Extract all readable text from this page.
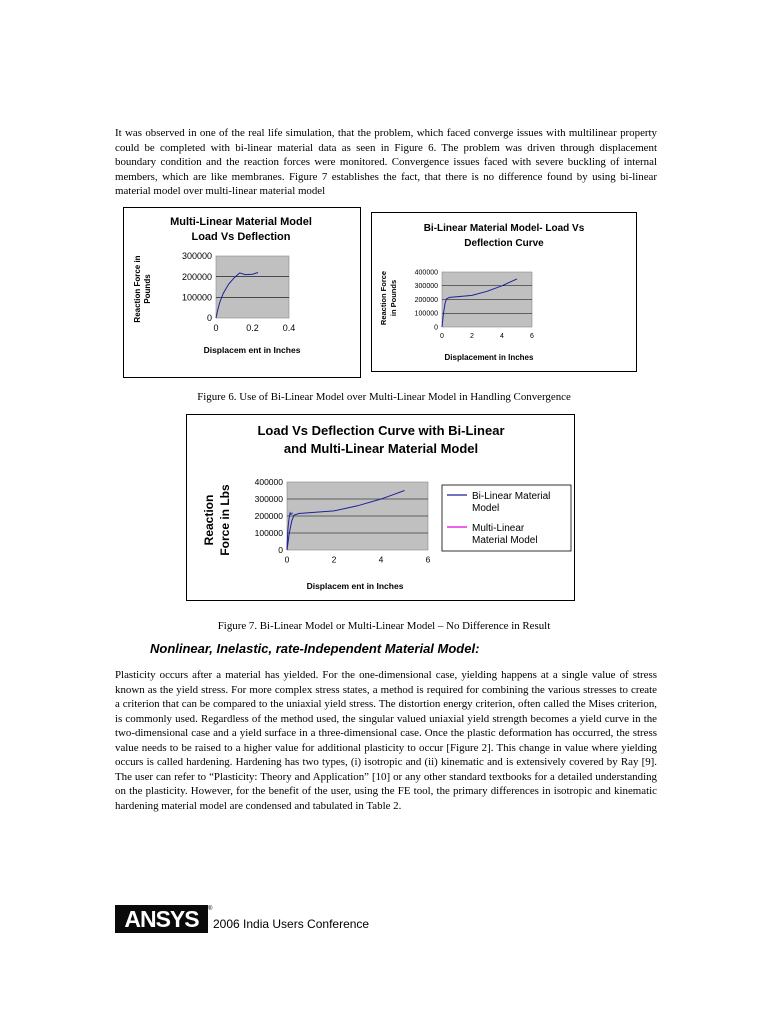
It was observed in one of the real life simulation, that the problem, which faced converge issues with multilinear property could be completed with bi-linear material data as seen in Figure 6. The problem was driven through displacement boundary condition and the reaction forces were monitored. Convergence issues faced with severe buckling of internal members, which are like membranes. Figure 7 establishes the fact, that there is no difference found by using bi-linear material model over multi-linear material model

Multi-Linear Material Model
Load Vs Deflection
Reaction Force in Pounds
0
100000
200000
300000
0	0.2	0.4
Displacem ent in Inches
Bi-Linear Material Model- Load Vs
Deflection Curve
Reaction Force in Pounds
0
100000
200000
300000
400000
0	2	4	6
Displacement in Inches

Figure 6. Use of Bi-Linear Model over Multi-Linear Model in Handling Convergence

Load Vs Deflection Curve with Bi-Linear
and Multi-Linear Material Model
Reaction Force in Lbs	0
100000
200000
300000
400000
0	2	4	6
Displacem ent in Inches
Bi-Linear Material
Model
Multi-Linear
Material Model

Figure 7. Bi-Linear Model or Multi-Linear Model – No Difference in Result

Nonlinear, Inelastic, rate-Independent Material Model:

Plasticity occurs after a material has yielded. For the one-dimensional case, yielding happens at a single value of stress known as the yield stress. For more complex stress states, a method is required for combining the various stresses to create a criterion that can be compared to the uniaxial yield stress. The distortion energy criterion, often called the Mises criterion, is commonly used. Regardless of the method used, the singular valued uniaxial yield strength becomes a yield curve in the two-dimensional case and a yield surface in a three-dimensional case. Once the plastic deformation has occurred, the stress value needs to be raised to a higher value for additional plasticity to occur [Figure 2]. This change in value where yielding occurs is called hardening. Hardening has two types, (i) isotropic and (ii) kinematic and is extensively covered by Ray [9]. The user can refer to “Plasticity: Theory and Application” [10] or any other standard textbooks for a detailed understanding on the plasticity. However, for the benefit of the user, using the FE tool, the primary differences in isotropic and kinematic hardening material model are condensed and tabulated in Table 2.

ANSYS	®
2006 India Users Conference
